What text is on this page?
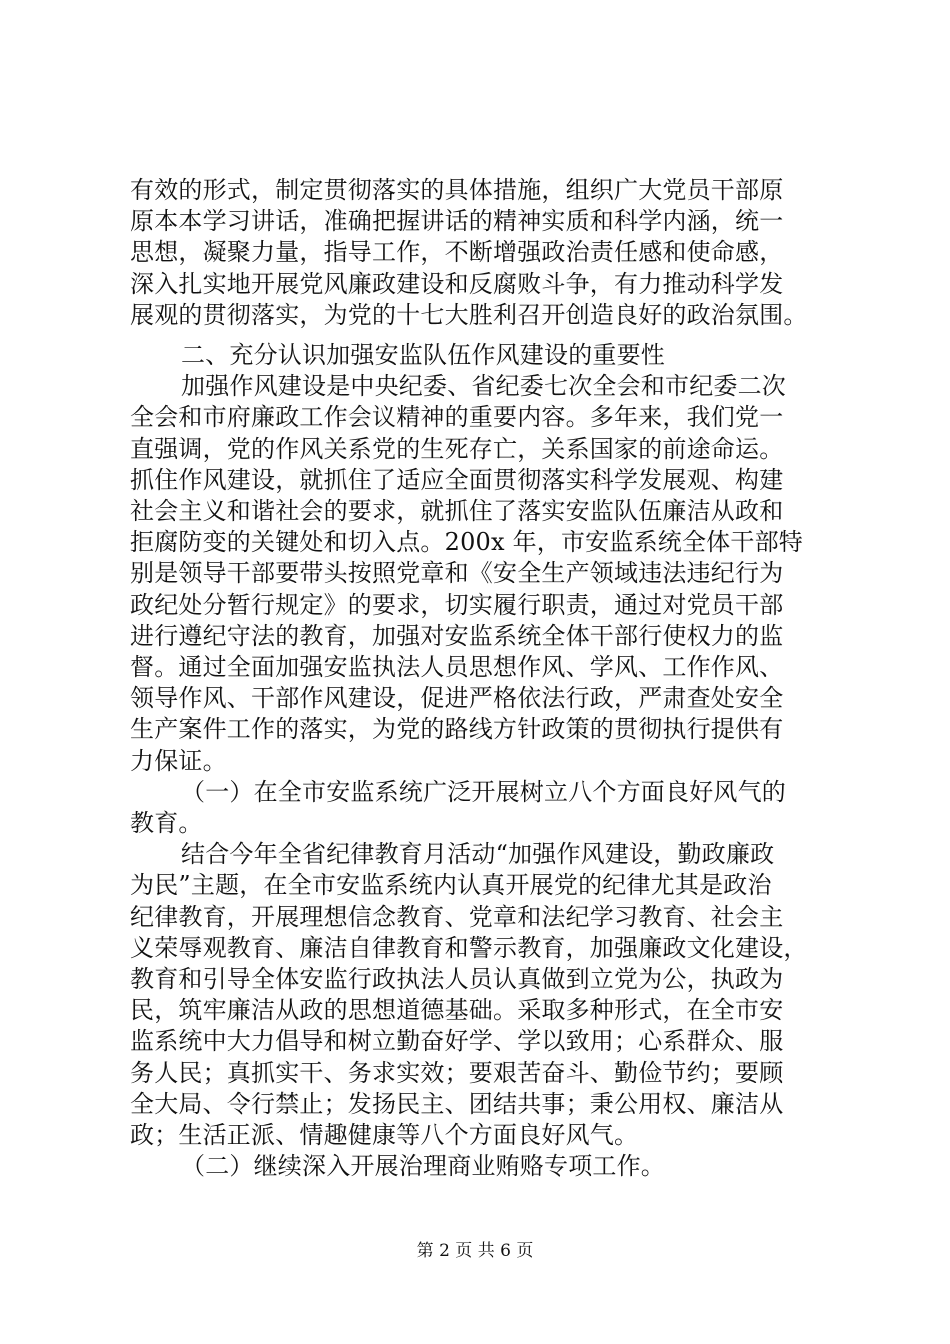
有效的形式，制定贯彻落实的具体措施，组织广大党员干部原
原本本学习讲话，准确把握讲话的精神实质和科学内涵，统一
思想，凝聚力量，指导工作，不断增强政治责任感和使命感，
深入扎实地开展党风廉政建设和反腐败斗争，有力推动科学发
展观的贯彻落实，为党的十七大胜利召开创造良好的政治氛围。
二、充分认识加强安监队伍作风建设的重要性
加强作风建设是中央纪委、省纪委七次全会和市纪委二次
全会和市府廉政工作会议精神的重要内容。多年来，我们党一
直强调，党的作风关系党的生死存亡，关系国家的前途命运。
抓住作风建设，就抓住了适应全面贯彻落实科学发展观、构建
社会主义和谐社会的要求，就抓住了落实安监队伍廉洁从政和
拒腐防变的关键处和切入点。200x 年，市安监系统全体干部特
别是领导干部要带头按照党章和《安全生产领域违法违纪行为
政纪处分暂行规定》的要求，切实履行职责，通过对党员干部
进行遵纪守法的教育，加强对安监系统全体干部行使权力的监
督。通过全面加强安监执法人员思想作风、学风、工作作风、
领导作风、干部作风建设，促进严格依法行政，严肃查处安全
生产案件工作的落实，为党的路线方针政策的贯彻执行提供有
力保证。
（一）在全市安监系统广泛开展树立八个方面良好风气的
教育。
结合今年全省纪律教育月活动“加强作风建设，勤政廉政
为民”主题，在全市安监系统内认真开展党的纪律尤其是政治
纪律教育，开展理想信念教育、党章和法纪学习教育、社会主
义荣辱观教育、廉洁自律教育和警示教育，加强廉政文化建设，
教育和引导全体安监行政执法人员认真做到立党为公，执政为
民，筑牢廉洁从政的思想道德基础。采取多种形式，在全市安
监系统中大力倡导和树立勤奋好学、学以致用；心系群众、服
务人民；真抓实干、务求实效；要艰苦奋斗、勤俭节约；要顾
全大局、令行禁止；发扬民主、团结共事；秉公用权、廉洁从
政；生活正派、情趣健康等八个方面良好风气。
（二）继续深入开展治理商业贿赂专项工作。
第 2 页 共 6 页
